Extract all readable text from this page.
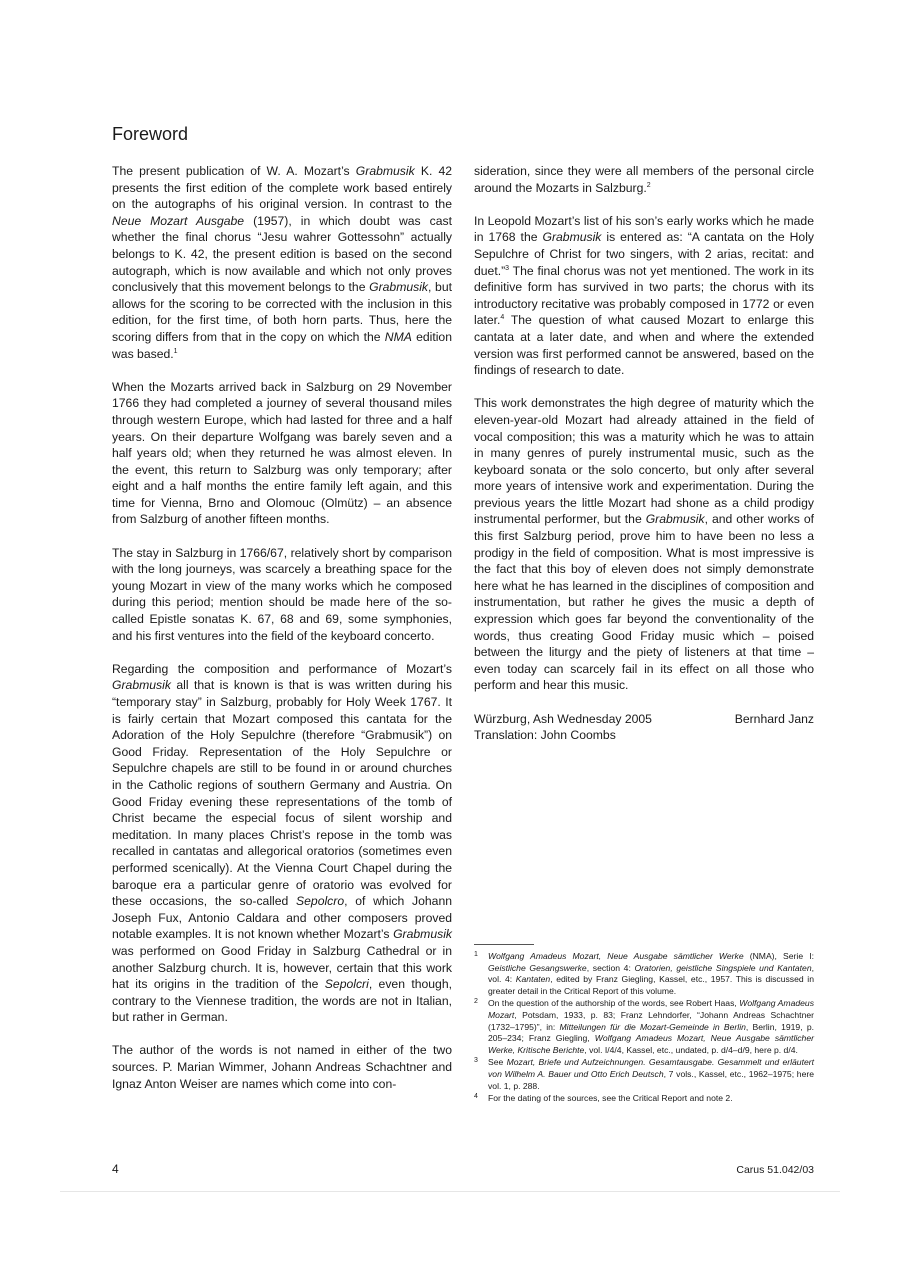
Foreword

The present publication of W. A. Mozart’s Grabmusik K. 42 presents the first edition of the complete work based entirely on the autographs of his original version. In contrast to the Neue Mozart Ausgabe (1957), in which doubt was cast whether the final chorus “Jesu wahrer Gottessohn” actually belongs to K. 42, the present edition is based on the second autograph, which is now available and which not only proves conclusively that this movement belongs to the Grabmusik, but allows for the scoring to be corrected with the inclusion in this edition, for the first time, of both horn parts. Thus, here the scoring differs from that in the copy on which the NMA edition was based.$^1$

When the Mozarts arrived back in Salzburg on 29 November 1766 they had completed a journey of several thousand miles through western Europe, which had lasted for three and a half years. On their departure Wolfgang was barely seven and a half years old; when they returned he was almost eleven. In the event, this return to Salzburg was only temporary; after eight and a half months the entire family left again, and this time for Vienna, Brno and Olomouc (Olmütz) – an absence from Salzburg of another fifteen months.

The stay in Salzburg in 1766/67, relatively short by comparison with the long journeys, was scarcely a breathing space for the young Mozart in view of the many works which he composed during this period; mention should be made here of the so-called Epistle sonatas K. 67, 68 and 69, some symphonies, and his first ventures into the field of the keyboard concerto.

Regarding the composition and performance of Mozart’s Grabmusik all that is known is that is was written during his “temporary stay” in Salzburg, probably for Holy Week 1767. It is fairly certain that Mozart composed this cantata for the Adoration of the Holy Sepulchre (therefore “Grabmusik”) on Good Friday. Representation of the Holy Sepulchre or Sepulchre chapels are still to be found in or around churches in the Catholic regions of southern Germany and Austria. On Good Friday evening these representations of the tomb of Christ became the especial focus of silent worship and meditation. In many places Christ’s repose in the tomb was recalled in cantatas and allegorical oratorios (sometimes even performed scenically). At the Vienna Court Chapel during the baroque era a particular genre of oratorio was evolved for these occasions, the so-called Sepolcro, of which Johann Joseph Fux, Antonio Caldara and other composers proved notable examples. It is not known whether Mozart’s Grabmusik was performed on Good Friday in Salzburg Cathedral or in another Salzburg church. It is, however, certain that this work hat its origins in the tradition of the Sepolcri, even though, contrary to the Viennese tradition, the words are not in Italian, but rather in German.

The author of the words is not named in either of the two sources. P. Marian Wimmer, Johann Andreas Schachtner and Ignaz Anton Weiser are names which come into con-

sideration, since they were all members of the personal circle around the Mozarts in Salzburg.$^2$

In Leopold Mozart’s list of his son’s early works which he made in 1768 the Grabmusik is entered as: “A cantata on the Holy Sepulchre of Christ for two singers, with 2 arias, recitat: and duet.”$^3$ The final chorus was not yet mentioned. The work in its definitive form has survived in two parts; the chorus with its introductory recitative was probably composed in 1772 or even later.$^4$ The question of what caused Mozart to enlarge this cantata at a later date, and when and where the extended version was first performed cannot be answered, based on the findings of research to date.

This work demonstrates the high degree of maturity which the eleven-year-old Mozart had already attained in the field of vocal composition; this was a maturity which he was to attain in many genres of purely instrumental music, such as the keyboard sonata or the solo concerto, but only after several more years of intensive work and experimentation. During the previous years the little Mozart had shone as a child prodigy instrumental performer, but the Grabmusik, and other works of this first Salzburg period, prove him to have been no less a prodigy in the field of composition. What is most impressive is the fact that this boy of eleven does not simply demonstrate here what he has learned in the disciplines of composition and instrumentation, but rather he gives the music a depth of expression which goes far beyond the conventionality of the words, thus creating Good Friday music which – poised between the liturgy and the piety of listeners at that time – even today can scarcely fail in its effect on all those who perform and hear this music.

Würzburg, Ash Wednesday 2005	Bernhard Janz
Translation: John Coombs

1 Wolfgang Amadeus Mozart, Neue Ausgabe sämtlicher Werke (NMA), Serie I: Geistliche Gesangswerke, section 4: Oratorien, geistliche Singspiele und Kantaten, vol. 4: Kantaten, edited by Franz Giegling, Kassel, etc., 1957. This is discussed in greater detail in the Critical Report of this volume.

2 On the question of the authorship of the words, see Robert Haas, Wolfgang Amadeus Mozart, Potsdam, 1933, p. 83; Franz Lehndorfer, “Johann Andreas Schachtner (1732–1795)”, in: Mitteilungen für die Mozart-Gemeinde in Berlin, Berlin, 1919, p. 205–234; Franz Giegling, Wolfgang Amadeus Mozart, Neue Ausgabe sämtlicher Werke, Kritische Berichte, vol. I/4/4, Kassel, etc., undated, p. d/4–d/9, here p. d/4.

3 See Mozart, Briefe und Aufzeichnungen. Gesamtausgabe. Gesammelt und erläutert von Wilhelm A. Bauer und Otto Erich Deutsch, 7 vols., Kassel, etc., 1962–1975; here vol. 1, p. 288.

4 For the dating of the sources, see the Critical Report and note 2.

4	Carus 51.042/03
